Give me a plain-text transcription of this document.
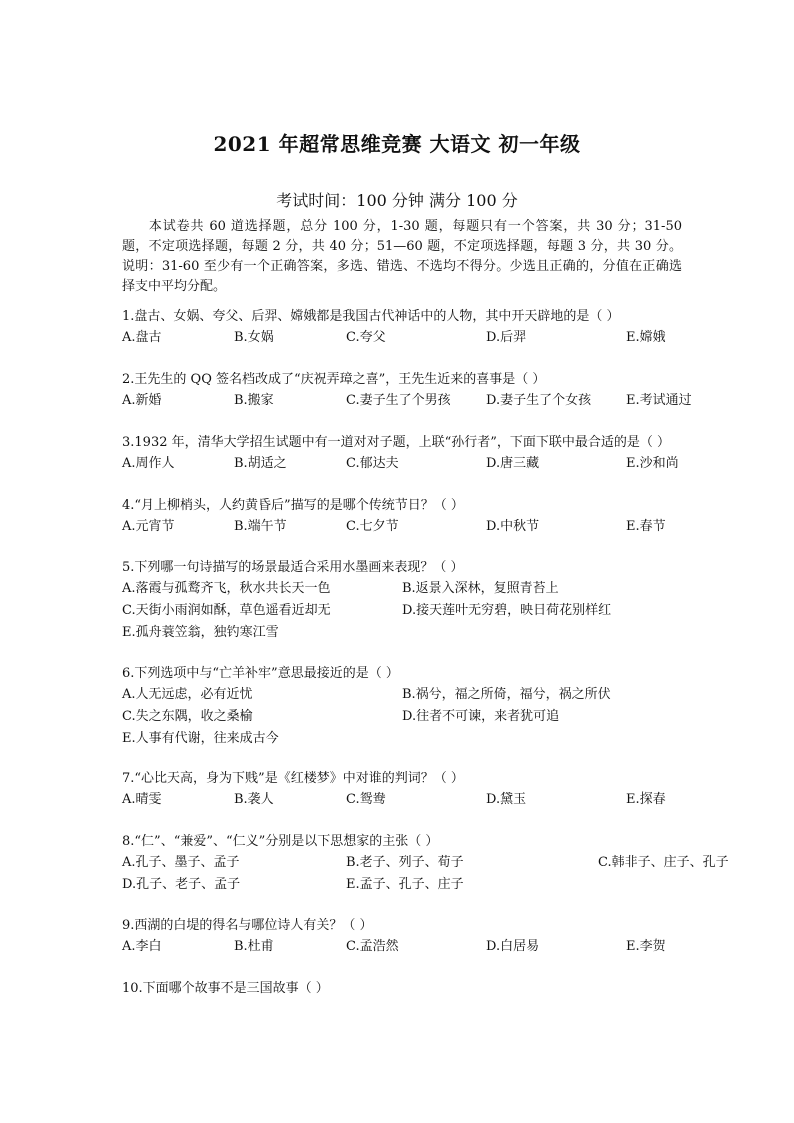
2021 年超常思维竞赛 大语文 初一年级
考试时间：100 分钟 满分 100 分
本试卷共 60 道选择题，总分 100 分，1-30 题，每题只有一个答案，共 30 分；31-50 题，不定项选择题，每题 2 分，共 40 分；51—60 题，不定项选择题，每题 3 分，共 30 分。说明：31-60 至少有一个正确答案，多选、错选、不选均不得分。少选且正确的，分值在正确选择支中平均分配。
1.盘古、女娲、夸父、后羿、嫦娥都是我国古代神话中的人物，其中开天辟地的是（ ）
A.盘古	B.女娲	C.夸父	D.后羿	E.嫦娥
2.王先生的 QQ 签名档改成了“庆祝弄璋之喜”，王先生近来的喜事是（ ）
A.新婚	B.搬家	C.妻子生了个男孩	D.妻子生了个女孩	E.考试通过
3.1932 年，清华大学招生试题中有一道对对子题，上联“孙行者”，下面下联中最合适的是（ ）
A.周作人	B.胡适之	C.郁达夫	D.唐三藏	E.沙和尚
4.“月上柳梢头，人约黄昏后”描写的是哪个传统节日？（ ）
A.元宵节	B.端午节	C.七夕节	D.中秋节	E.春节
5.下列哪一句诗描写的场景最适合采用水墨画来表现？（ ）
A.落霞与孤鹜齐飞，秋水共长天一色	B.返景入深林，复照青苔上
C.天街小雨润如酥，草色遥看近却无	D.接天莲叶无穷碧，映日荷花别样红
E.孤舟蓑笠翁，独钓寒江雪
6.下列选项中与“亡羊补牢”意思最接近的是（ ）
A.人无远虑，必有近忧	B.祸兮，福之所倚，福兮，祸之所伏
C.失之东隅，收之桑榆	D.往者不可谏，来者犹可追
E.人事有代谢，往来成古今
7.“心比天高，身为下贱”是《红楼梦》中对谁的判词？（ ）
A.晴雯	B.袭人	C.鸳鸯	D.黛玉	E.探春
8.“仁”、“兼爱”、“仁义”分别是以下思想家的主张（ ）
A.孔子、墨子、孟子	B.老子、列子、荀子	C.韩非子、庄子、孔子
D.孔子、老子、孟子	E.孟子、孔子、庄子
9.西湖的白堤的得名与哪位诗人有关？（ ）
A.李白	B.杜甫	C.孟浩然	D.白居易	E.李贺
10.下面哪个故事不是三国故事（ ）
